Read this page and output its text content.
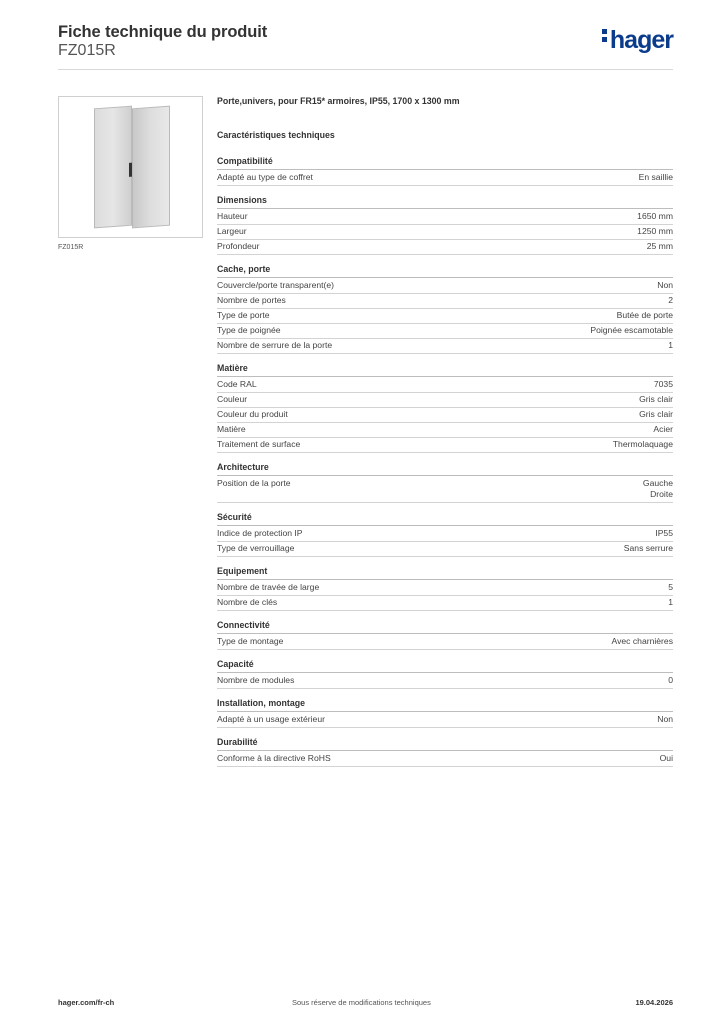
Fiche technique du produit
FZ015R	hager
FZ015R
Porte,univers, pour FR15* armoires, IP55, 1700 x 1300 mm
Caractéristiques techniques
Compatibilité
Adapté au type de coffret	En saillie
Dimensions
Hauteur	1650 mm
Largeur	1250 mm
Profondeur	25 mm
Cache, porte
Couvercle/porte transparent(e)	Non
Nombre de portes	2
Type de porte	Butée de porte
Type de poignée	Poignée escamotable
Nombre de serrure de la porte	1
Matière
Code RAL	7035
Couleur	Gris clair
Couleur du produit	Gris clair
Matière	Acier
Traitement de surface	Thermolaquage
Architecture
Position de la porte	Gauche
Droite
Sécurité
Indice de protection IP	IP55
Type de verrouillage	Sans serrure
Equipement
Nombre de travée de large	5
Nombre de clés	1
Connectivité
Type de montage	Avec charnières
Capacité
Nombre de modules	0
Installation, montage
Adapté à un usage extérieur	Non
Durabilité
Conforme à la directive RoHS	Oui
hager.com/fr-ch	Sous réserve de modifications techniques	19.04.2026
